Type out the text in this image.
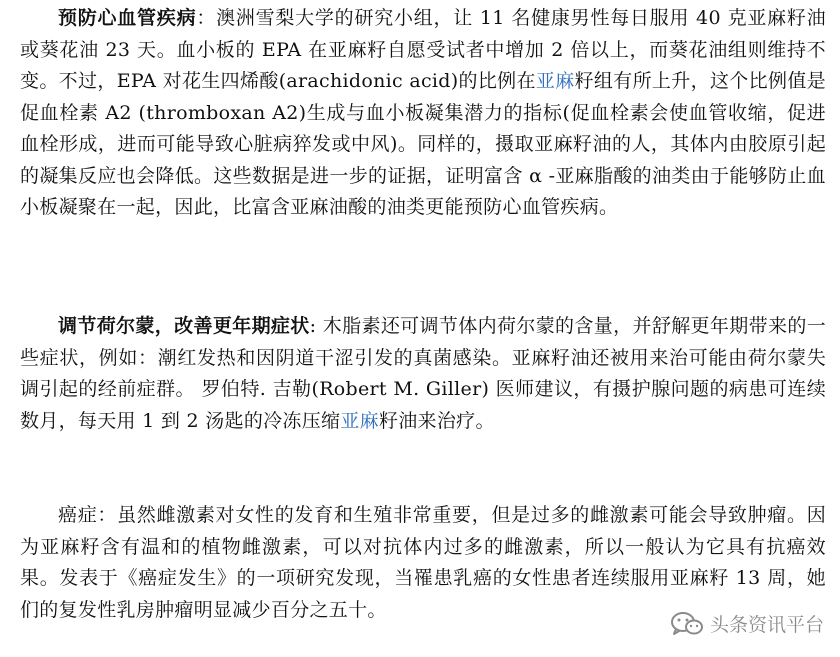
预防心血管疾病：澳洲雪梨大学的研究小组，让 11 名健康男性每日服用 40 克亚麻籽油或葵花油 23 天。血小板的 EPA 在亚麻籽自愿受试者中增加 2 倍以上，而葵花油组则维持不变。不过，EPA 对花生四烯酸(arachidonic acid)的比例在亚麻籽组有所上升，这个比例值是促血栓素 A2 (thromboxan A2)生成与血小板凝集潜力的指标(促血栓素会使血管收缩，促进血栓形成，进而可能导致心脏病猝发或中风)。同样的，摄取亚麻籽油的人，其体内由胶原引起的凝集反应也会降低。这些数据是进一步的证据，证明富含 α -亚麻脂酸的油类由于能够防止血小板凝聚在一起，因此，比富含亚麻油酸的油类更能预防心血管疾病。

调节荷尔蒙，改善更年期症状: 木脂素还可调节体内荷尔蒙的含量，并舒解更年期带来的一些症状，例如：潮红发热和因阴道干涩引发的真菌感染。亚麻籽油还被用来治可能由荷尔蒙失调引起的经前症群。 罗伯特. 吉勒(Robert M. Giller) 医师建议，有摄护腺问题的病患可连续数月，每天用 1 到 2 汤匙的冷冻压缩亚麻籽油来治疗。

癌症：虽然雌激素对女性的发育和生殖非常重要，但是过多的雌激素可能会导致肿瘤。因为亚麻籽含有温和的植物雌激素，可以对抗体内过多的雌激素，所以一般认为它具有抗癌效果。发表于《癌症发生》的一项研究发现，当罹患乳癌的女性患者连续服用亚麻籽 13 周，她们的复发性乳房肿瘤明显减少百分之五十。

头条资讯平台
